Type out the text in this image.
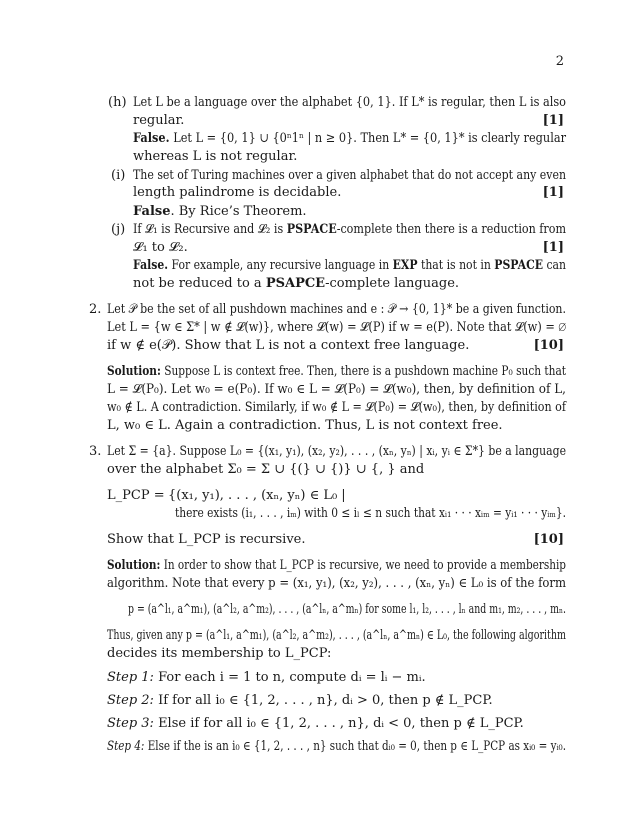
2
(h) Let L be a language over the alphabet {0, 1}. If L* is regular, then L is also
regular.	[1]
False. Let L = {0, 1} ∪ {0ⁿ1ⁿ | n ≥ 0}. Then L* = {0, 1}* is clearly regular
whereas L is not regular.
(i) The set of Turing machines over a given alphabet that do not accept any even
length palindrome is decidable.	[1]
False. By Rice’s Theorem.
(j) If 𝓛₁ is Recursive and 𝓛₂ is PSPACE-complete then there is a reduction from
𝓛₁ to 𝓛₂.	[1]
False. For example, any recursive language in EXP that is not in PSPACE can
not be reduced to a PSAPCE-complete language.
2. Let 𝒫 be the set of all pushdown machines and e : 𝒫 → {0, 1}* be a given function.
Let L = {w ∈ Σ* | w ∉ 𝓛(w)}, where 𝓛(w) = 𝓛(P) if w = e(P). Note that 𝓛(w) = ∅
if w ∉ e(𝒫). Show that L is not a context free language.	[10]
Solution: Suppose L is context free. Then, there is a pushdown machine P₀ such that
L = 𝓛(P₀). Let w₀ = e(P₀). If w₀ ∈ L = 𝓛(P₀) = 𝓛(w₀), then, by definition of L,
w₀ ∉ L. A contradiction. Similarly, if w₀ ∉ L = 𝓛(P₀) = 𝓛(w₀), then, by definition of
L, w₀ ∈ L. Again a contradiction. Thus, L is not context free.
3. Let Σ = {a}. Suppose L₀ = {(x₁, y₁), (x₂, y₂), . . . , (xₙ, yₙ) | xᵢ, yᵢ ∈ Σ*} be a language
over the alphabet Σ₀ = Σ ∪ {(} ∪ {)} ∪ {, } and
L_PCP = {(x₁, y₁), . . . , (xₙ, yₙ) ∈ L₀ |
there exists (i₁, . . . , iₘ) with 0 ≤ iₗ ≤ n such that xᵢ₁ · · · xᵢₘ = yᵢ₁ · · · yᵢₘ}.
Show that L_PCP is recursive.	[10]
Solution: In order to show that L_PCP is recursive, we need to provide a membership
algorithm. Note that every p = (x₁, y₁), (x₂, y₂), . . . , (xₙ, yₙ) ∈ L₀ is of the form
p = (a^l₁, a^m₁), (a^l₂, a^m₂), . . . , (a^lₙ, a^mₙ) for some l₁, l₂, . . . , lₙ and m₁, m₂, . . . , mₙ.
Thus, given any p = (a^l₁, a^m₁), (a^l₂, a^m₂), . . . , (a^lₙ, a^mₙ) ∈ L₀, the following algorithm
decides its membership to L_PCP:
Step 1: For each i = 1 to n, compute dᵢ = lᵢ − mᵢ.
Step 2: If for all i₀ ∈ {1, 2, . . . , n}, dᵢ > 0, then p ∉ L_PCP.
Step 3: Else if for all i₀ ∈ {1, 2, . . . , n}, dᵢ < 0, then p ∉ L_PCP.
Step 4: Else if the is an i₀ ∈ {1, 2, . . . , n} such that dᵢ₀ = 0, then p ∈ L_PCP as xᵢ₀ = yᵢ₀.
